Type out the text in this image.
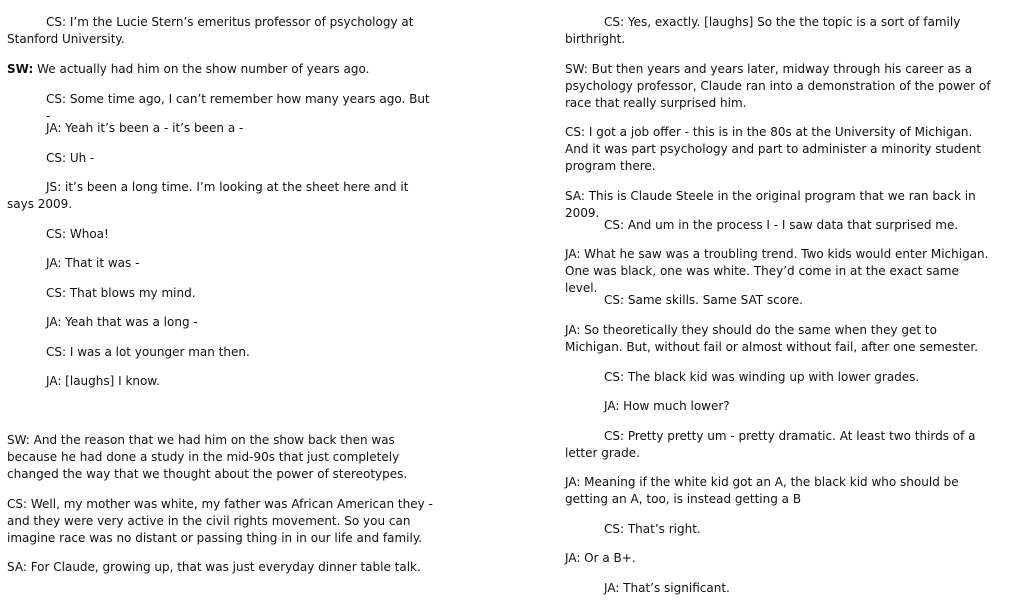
CS: I’m the Lucie Stern’s emeritus professor of psychology at Stanford University.

SW: We actually had him on the show number of years ago.

CS: Some time ago, I can’t remember how many years ago. But -

JA: Yeah it’s been a - it’s been a -

CS: Uh -

JS: it’s been a long time. I’m looking at the sheet here and it says 2009.

CS: Whoa!

JA: That it was -

CS: That blows my mind.

JA: Yeah that was a long -

CS: I was a lot younger man then.

JA: [laughs] I know.

SW: And the reason that we had him on the show back then was because he had done a study in the mid-90s that just completely changed the way that we thought about the power of stereotypes.

CS: Well, my mother was white, my father was African American they - and they were very active in the civil rights movement. So you can imagine race was no distant or passing thing in in our life and family.

SA: For Claude, growing up, that was just everyday dinner table talk.

CS: Yes, exactly. [laughs] So the the topic is a sort of family birthright.

SW: But then years and years later, midway through his career as a psychology professor, Claude ran into a demonstration of the power of race that really surprised him.

CS: I got a job offer - this is in the 80s at the University of Michigan. And it was part psychology and part to administer a minority student program there.

SA: This is Claude Steele in the original program that we ran back in 2009.

CS: And um in the process I - I saw data that surprised me.

JA: What he saw was a troubling trend. Two kids would enter Michigan. One was black, one was white. They’d come in at the exact same level.

CS: Same skills. Same SAT score.

JA: So theoretically they should do the same when they get to Michigan. But, without fail or almost without fail, after one semester.

CS: The black kid was winding up with lower grades.

JA: How much lower?

CS: Pretty pretty um - pretty dramatic. At least two thirds of a letter grade.

JA: Meaning if the white kid got an A, the black kid who should be getting an A, too, is instead getting a B

CS: That’s right.

JA: Or a B+.

JA: That’s significant.
